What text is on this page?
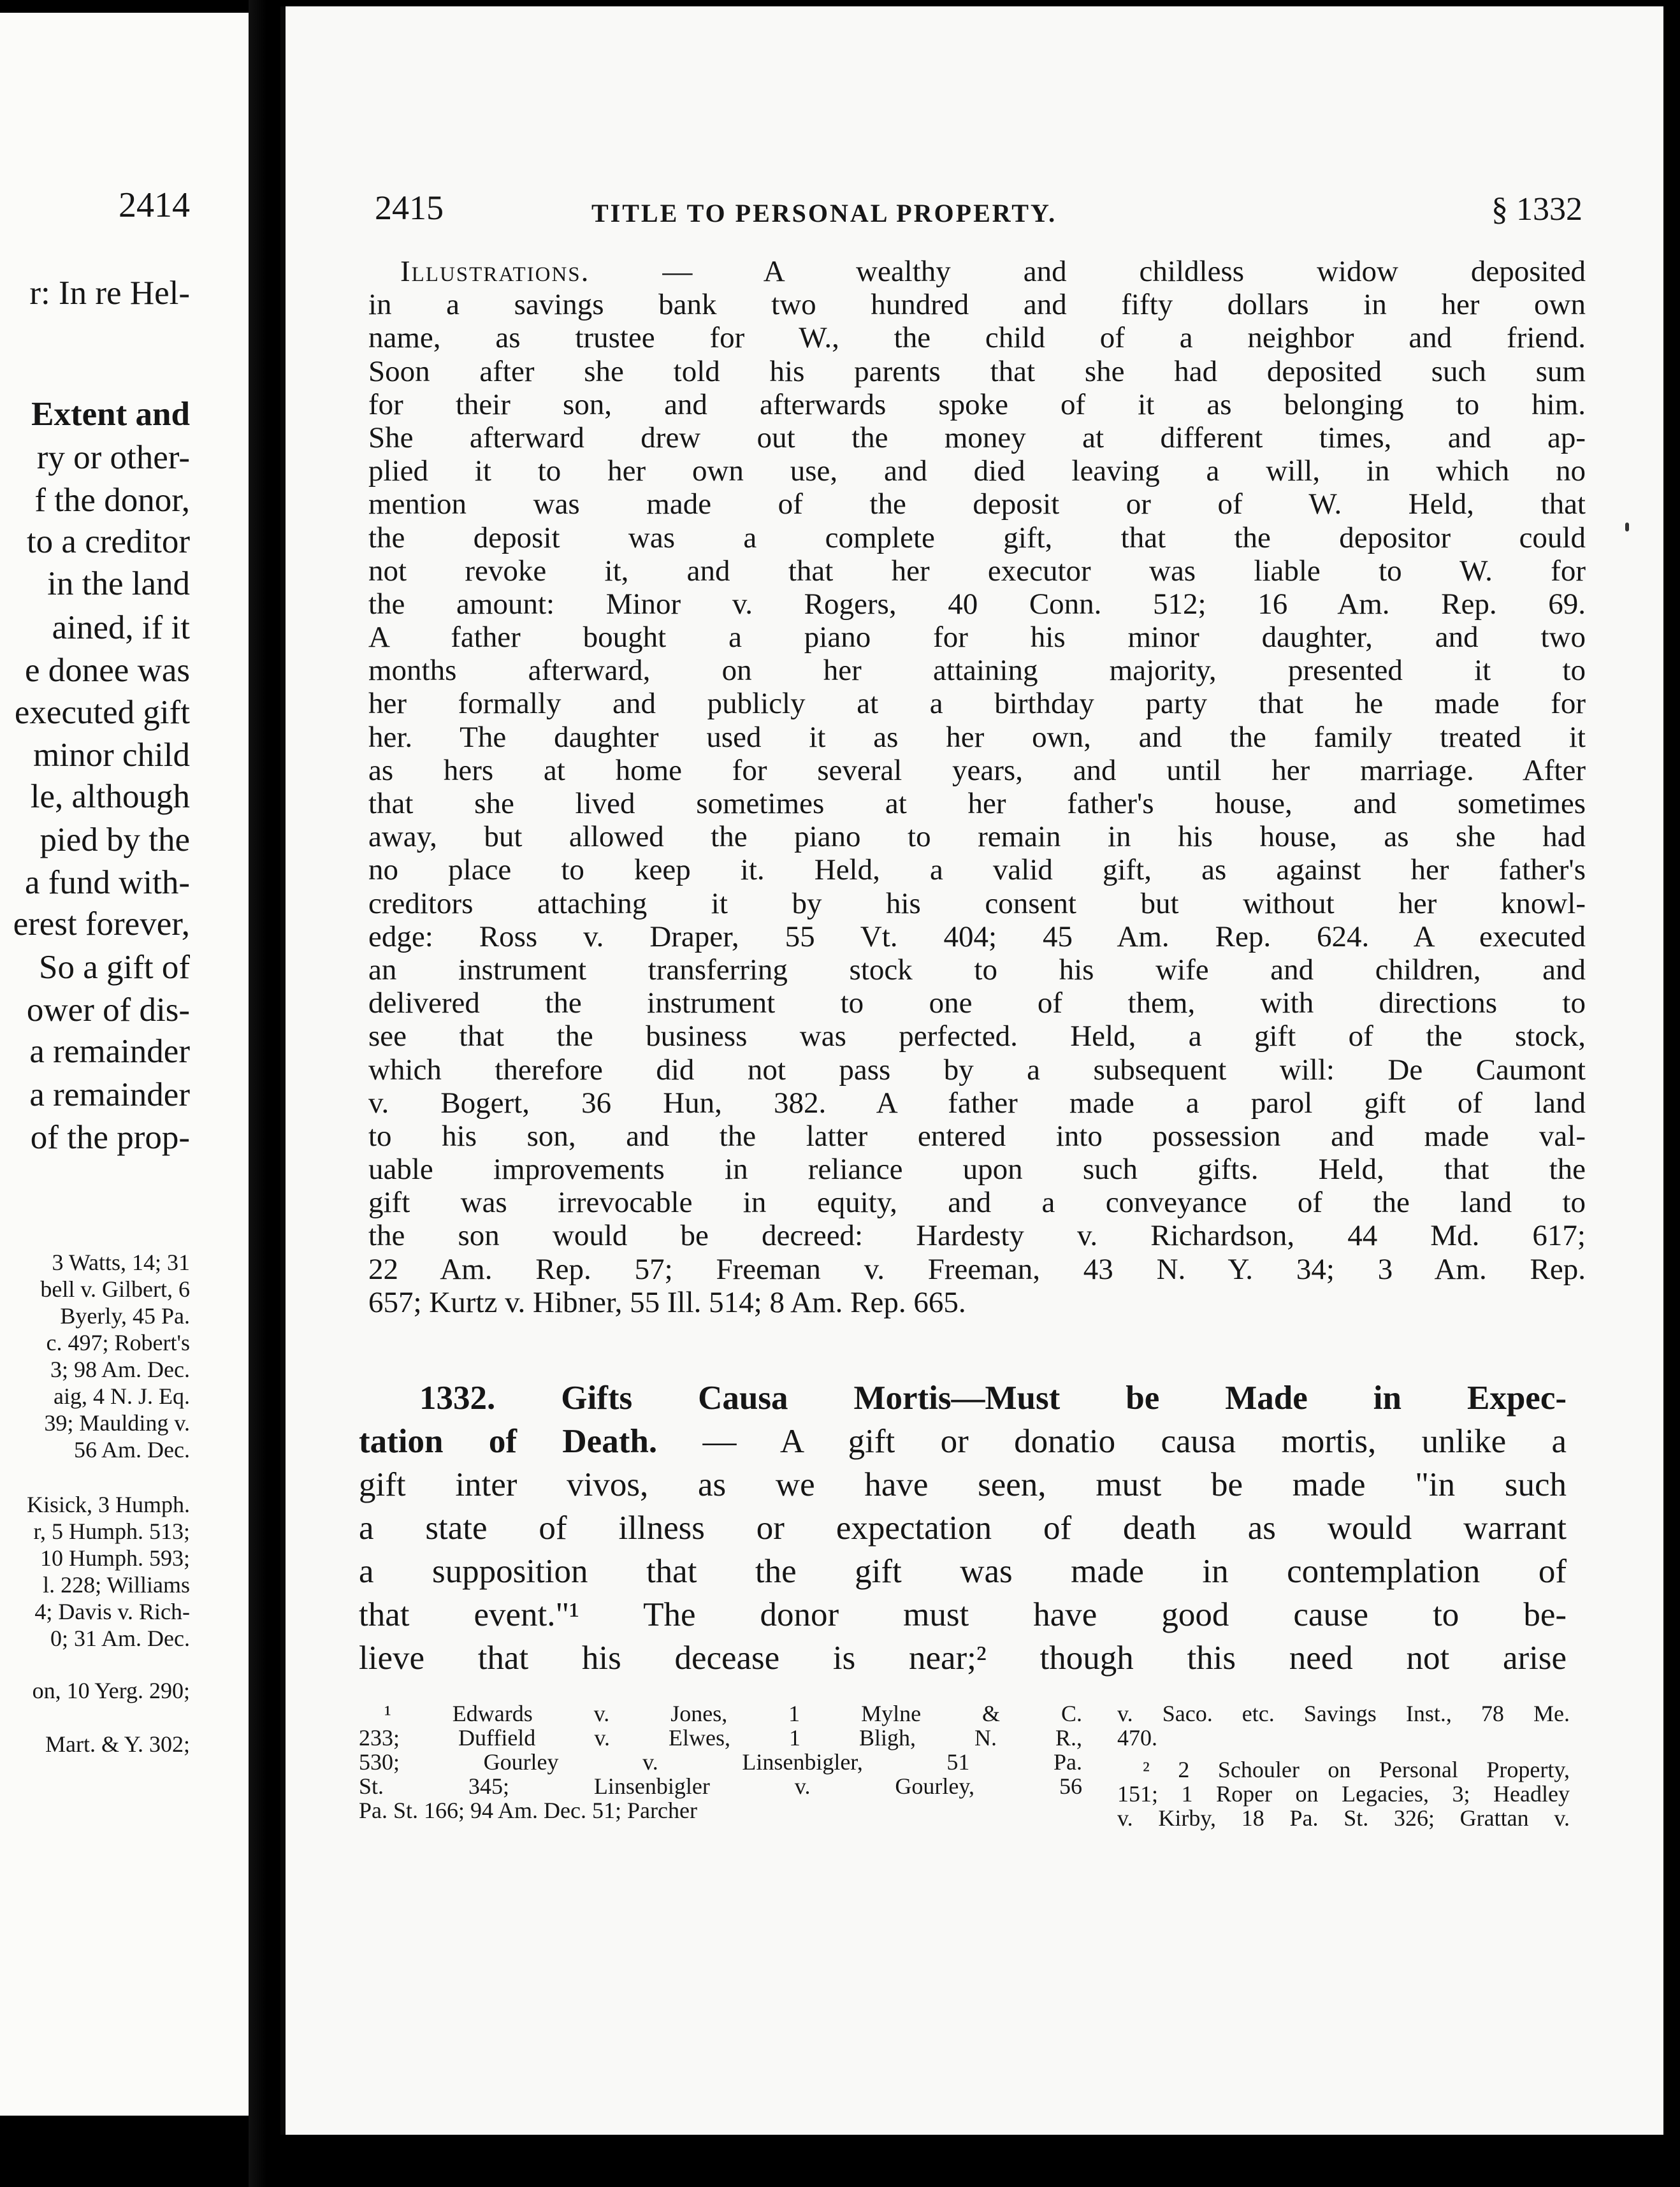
2414
r: In re Hel-
Extent and
ry or other-
f the donor,
to a creditor
in the land
ained, if it
e donee was
executed gift
minor child
le, although
pied by the
a fund with-
erest forever,
So a gift of
ower of dis-
a remainder
a remainder
of the prop-
3 Watts, 14; 31
bell v. Gilbert, 6
Byerly, 45 Pa.
c. 497; Robert's
3; 98 Am. Dec.
aig, 4 N. J. Eq.
39; Maulding v.
56 Am. Dec.
Kisick, 3 Humph.
r, 5 Humph. 513;
10 Humph. 593;
l. 228; Williams
4; Davis v. Rich-
0; 31 Am. Dec.
on, 10 Yerg. 290;
Mart. & Y. 302;
2415	TITLE TO PERSONAL PROPERTY.	§ 1332
Illustrations. — A wealthy and childless widow deposited
in a savings bank two hundred and fifty dollars in her own
name, as trustee for W., the child of a neighbor and friend.
Soon after she told his parents that she had deposited such sum
for their son, and afterwards spoke of it as belonging to him.
She afterward drew out the money at different times, and ap-
plied it to her own use, and died leaving a will, in which no
mention was made of the deposit or of W. Held, that
the deposit was a complete gift, that the depositor could
not revoke it, and that her executor was liable to W. for
the amount: Minor v. Rogers, 40 Conn. 512; 16 Am. Rep. 69.
A father bought a piano for his minor daughter, and two
months afterward, on her attaining majority, presented it to
her formally and publicly at a birthday party that he made for
her. The daughter used it as her own, and the family treated it
as hers at home for several years, and until her marriage. After
that she lived sometimes at her father's house, and sometimes
away, but allowed the piano to remain in his house, as she had
no place to keep it. Held, a valid gift, as against her father's
creditors attaching it by his consent but without her knowl-
edge: Ross v. Draper, 55 Vt. 404; 45 Am. Rep. 624. A executed
an instrument transferring stock to his wife and children, and
delivered the instrument to one of them, with directions to
see that the business was perfected. Held, a gift of the stock,
which therefore did not pass by a subsequent will: De Caumont
v. Bogert, 36 Hun, 382. A father made a parol gift of land
to his son, and the latter entered into possession and made val-
uable improvements in reliance upon such gifts. Held, that the
gift was irrevocable in equity, and a conveyance of the land to
the son would be decreed: Hardesty v. Richardson, 44 Md. 617;
22 Am. Rep. 57; Freeman v. Freeman, 43 N. Y. 34; 3 Am. Rep.
657; Kurtz v. Hibner, 55 Ill. 514; 8 Am. Rep. 665.
1332. Gifts Causa Mortis—Must be Made in Expec-
tation of Death. — A gift or donatio causa mortis, unlike a
gift inter vivos, as we have seen, must be made "in such
a state of illness or expectation of death as would warrant
a supposition that the gift was made in contemplation of
that event."¹ The donor must have good cause to be-
lieve that his decease is near;² though this need not arise
¹ Edwards v. Jones, 1 Mylne & C.
233; Duffield v. Elwes, 1 Bligh, N. R.,
530; Gourley v. Linsenbigler, 51 Pa.
St. 345; Linsenbigler v. Gourley, 56
Pa. St. 166; 94 Am. Dec. 51; Parcher
v. Saco. etc. Savings Inst., 78 Me.
470.
² 2 Schouler on Personal Property,
151; 1 Roper on Legacies, 3; Headley
v. Kirby, 18 Pa. St. 326; Grattan v.
